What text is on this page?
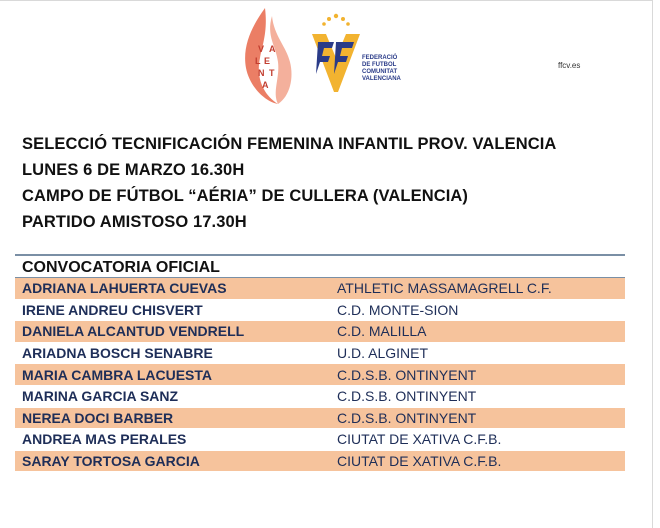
V A
L E
N T
A
FEDERACIÓ
DE FUTBOL
COMUNITAT
VALENCIANA
ffcv.es
SELECCIÓ TECNIFICACIÓN FEMENINA INFANTIL PROV. VALENCIA
LUNES 6 DE MARZO 16.30H
CAMPO DE FÚTBOL “AÉRIA” DE CULLERA (VALENCIA)
PARTIDO AMISTOSO 17.30H
CONVOCATORIA OFICIAL
ADRIANA LAHUERTA CUEVAS	ATHLETIC MASSAMAGRELL C.F.
IRENE ANDREU CHISVERT	C.D. MONTE-SION
DANIELA ALCANTUD VENDRELL	C.D. MALILLA
ARIADNA BOSCH SENABRE	U.D. ALGINET
MARIA CAMBRA LACUESTA	C.D.S.B. ONTINYENT
MARINA GARCIA SANZ	C.D.S.B. ONTINYENT
NEREA DOCI BARBER	C.D.S.B. ONTINYENT
ANDREA MAS PERALES	CIUTAT DE XATIVA C.F.B.
SARAY TORTOSA GARCIA	CIUTAT DE XATIVA C.F.B.
